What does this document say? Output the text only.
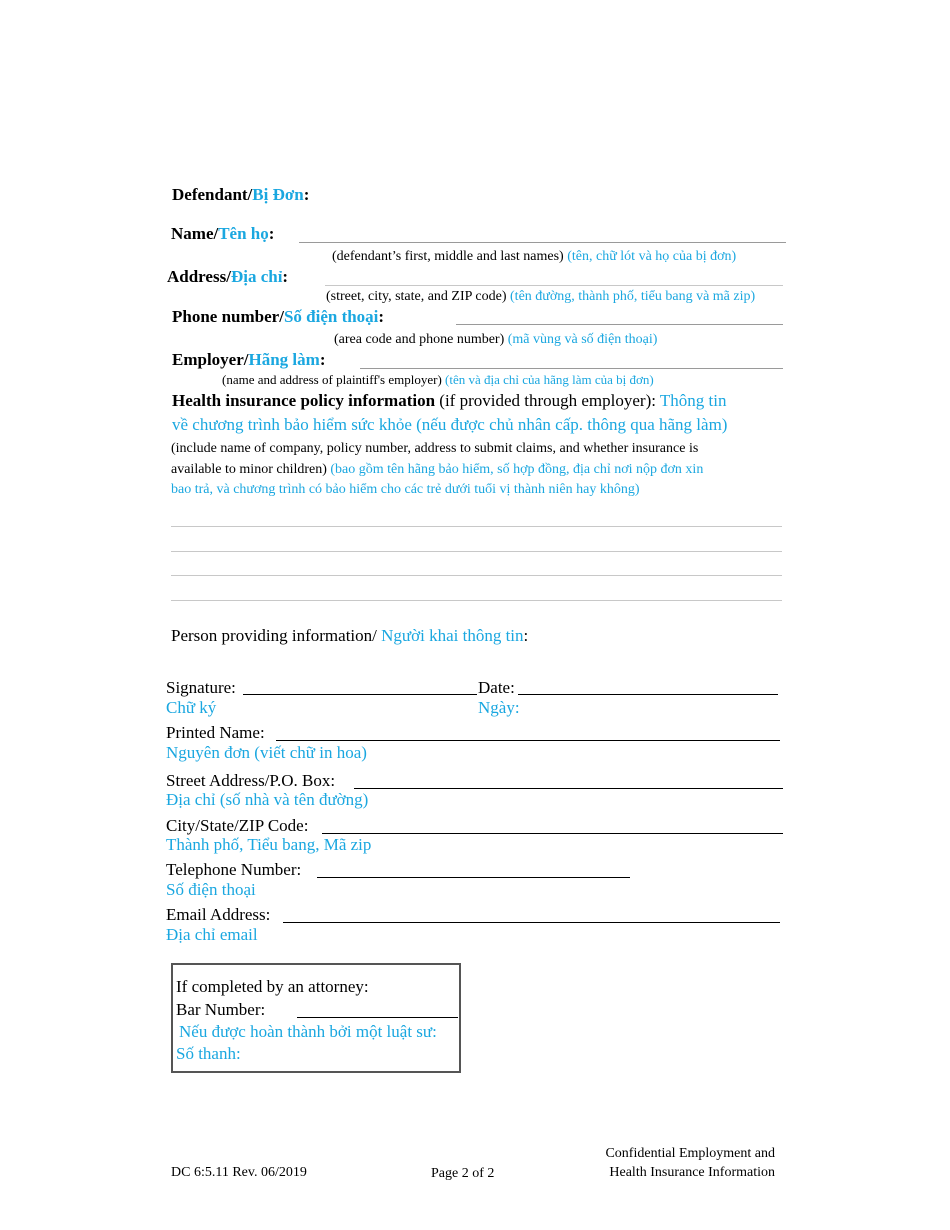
Defendant/Bị Đơn:
Name/Tên họ:
(defendant’s first, middle and last names) (tên, chữ lót và họ của bị đơn)
Address/Địa chỉ:
(street, city, state, and ZIP code) (tên đường, thành phố, tiểu bang và mã zip)
Phone number/Số điện thoại:
(area code and phone number) (mã vùng và số điện thoại)
Employer/Hãng làm:
(name and address of plaintiff's employer) (tên và địa chỉ của hãng làm của bị đơn)
Health insurance policy information (if provided through employer): Thông tin
về chương trình bảo hiểm sức khỏe (nếu được chủ nhân cấp. thông qua hãng làm)
(include name of company, policy number, address to submit claims, and whether insurance is
available to minor children) (bao gồm tên hãng bảo hiểm, số hợp đồng, địa chỉ nơi nộp đơn xin
bao trả, và chương trình có bảo hiểm cho các trẻ dưới tuổi vị thành niên hay không)
Person providing information/ Người khai thông tin:
Signature:
Chữ ký
Date:
Ngày:
Printed Name:
Nguyên đơn (viết chữ in hoa)
Street Address/P.O. Box:
Địa chỉ (số nhà và tên đường)
City/State/ZIP Code:
Thành phố, Tiểu bang, Mã zip
Telephone Number:
Số điện thoại
Email Address:
Địa chỉ email
If completed by an attorney:
Bar Number:
Nếu được hoàn thành bởi một luật sư:
Số thanh:
DC 6:5.11 Rev. 06/2019	Page 2 of 2
Confidential Employment and
Health Insurance Information
